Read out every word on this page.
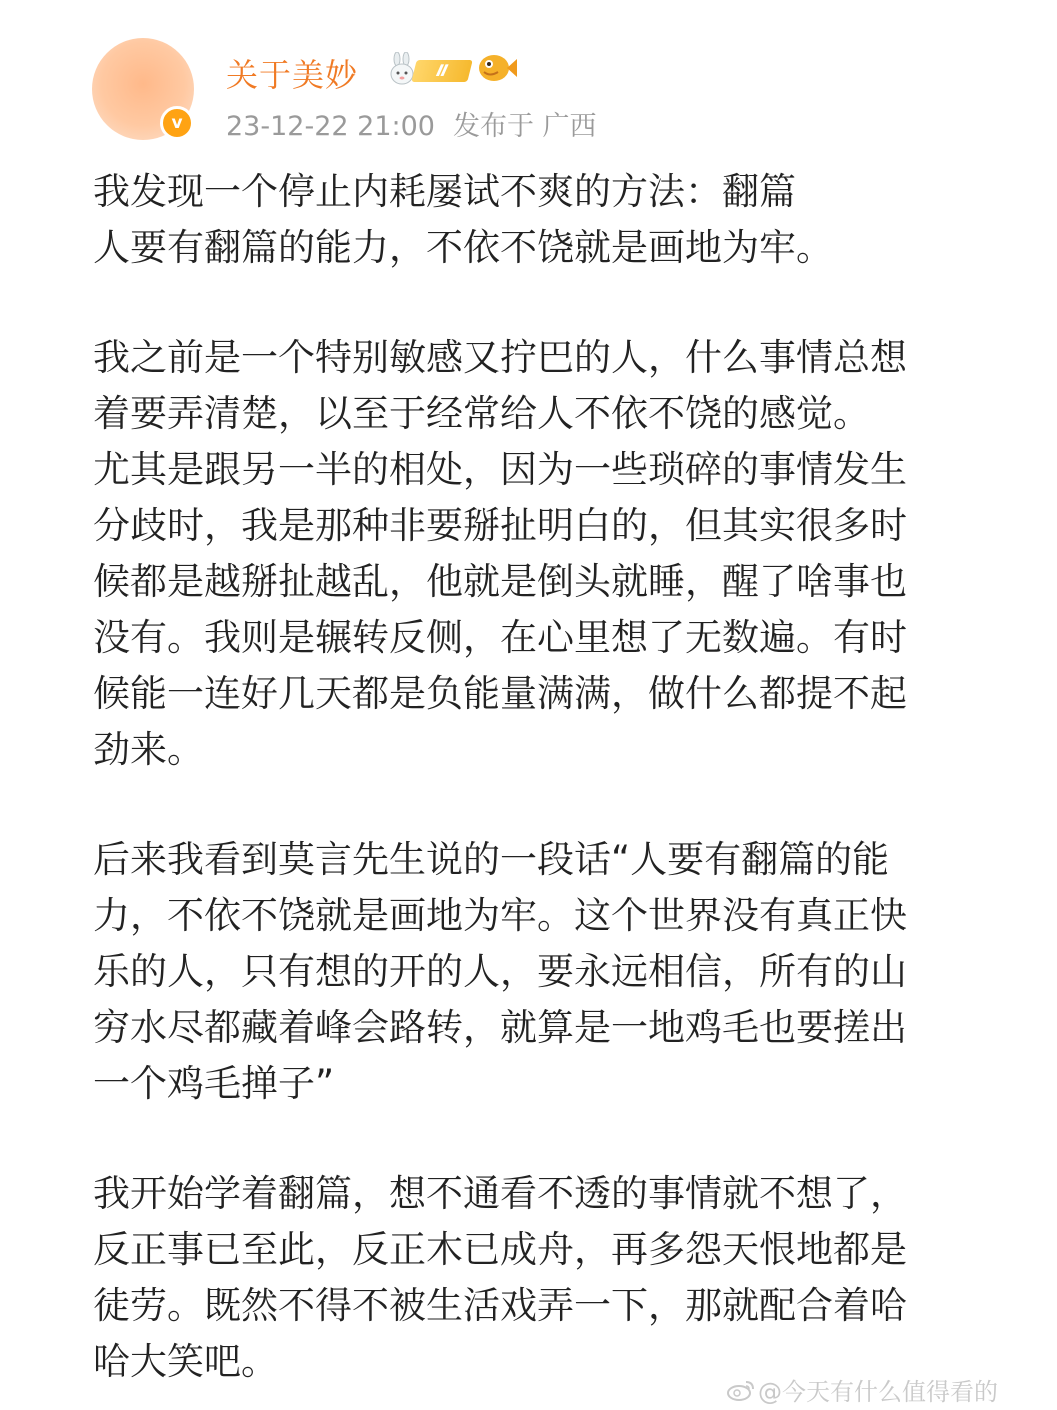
v
关于美妙	Ⅱ
23-12-22 21:00 发布于 广西
我发现一个停止内耗屡试不爽的方法：翻篇
人要有翻篇的能力，不依不饶就是画地为牢。
我之前是一个特别敏感又拧巴的人，什么事情总想
着要弄清楚，以至于经常给人不依不饶的感觉。
尤其是跟另一半的相处，因为一些琐碎的事情发生
分歧时，我是那种非要掰扯明白的，但其实很多时
候都是越掰扯越乱，他就是倒头就睡，醒了啥事也
没有。我则是辗转反侧，在心里想了无数遍。有时
候能一连好几天都是负能量满满，做什么都提不起
劲来。
后来我看到莫言先生说的一段话“人要有翻篇的能
力，不依不饶就是画地为牢。这个世界没有真正快
乐的人，只有想的开的人，要永远相信，所有的山
穷水尽都藏着峰会路转，就算是一地鸡毛也要搓出
一个鸡毛掸子”
我开始学着翻篇，想不通看不透的事情就不想了，
反正事已至此，反正木已成舟，再多怨天恨地都是
徒劳。既然不得不被生活戏弄一下，那就配合着哈
哈大笑吧。
@今天有什么值得看的
